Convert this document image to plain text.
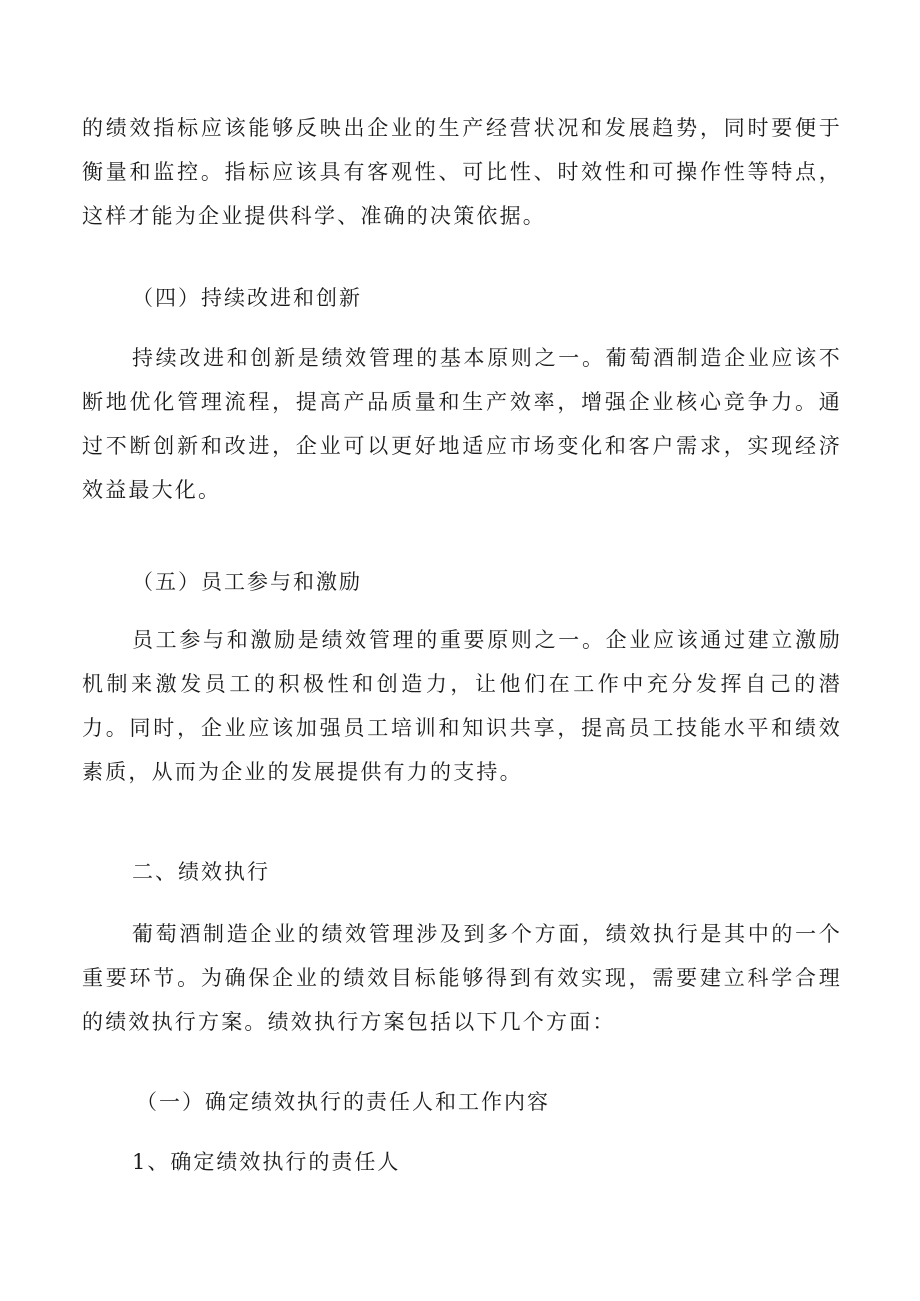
的绩效指标应该能够反映出企业的生产经营状况和发展趋势，同时要便于衡量和监控。指标应该具有客观性、可比性、时效性和可操作性等特点，这样才能为企业提供科学、准确的决策依据。

（四）持续改进和创新

持续改进和创新是绩效管理的基本原则之一。葡萄酒制造企业应该不断地优化管理流程，提高产品质量和生产效率，增强企业核心竞争力。通过不断创新和改进，企业可以更好地适应市场变化和客户需求，实现经济效益最大化。

（五）员工参与和激励

员工参与和激励是绩效管理的重要原则之一。企业应该通过建立激励机制来激发员工的积极性和创造力，让他们在工作中充分发挥自己的潜力。同时，企业应该加强员工培训和知识共享，提高员工技能水平和绩效素质，从而为企业的发展提供有力的支持。

二、绩效执行

葡萄酒制造企业的绩效管理涉及到多个方面，绩效执行是其中的一个重要环节。为确保企业的绩效目标能够得到有效实现，需要建立科学合理的绩效执行方案。绩效执行方案包括以下几个方面：

（一）确定绩效执行的责任人和工作内容

1、确定绩效执行的责任人
